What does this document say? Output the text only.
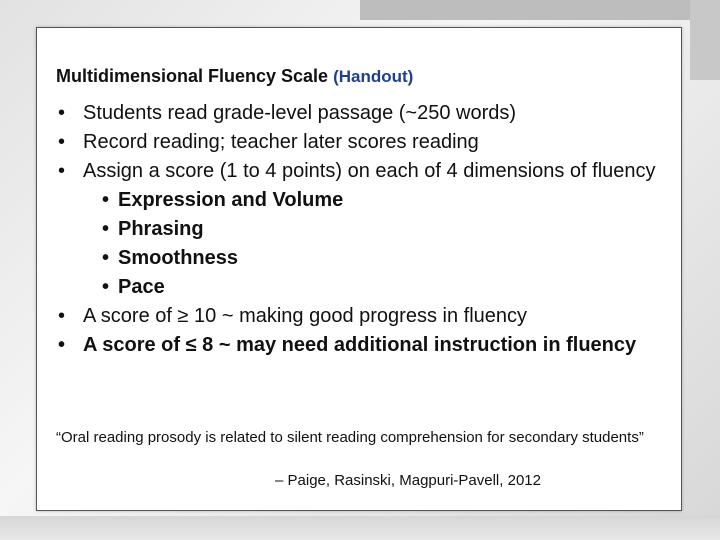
Multidimensional Fluency Scale (Handout)
• Students read grade-level passage (~250 words)
• Record reading; teacher later scores reading
• Assign a score (1 to 4 points) on each of 4 dimensions of fluency
• Expression and Volume
• Phrasing
• Smoothness
• Pace
• A score of ≥ 10 ~ making good progress in fluency
• A score of ≤ 8 ~ may need additional instruction in fluency
“Oral reading prosody is related to silent reading comprehension for secondary students”
– Paige, Rasinski, Magpuri-Pavell, 2012
